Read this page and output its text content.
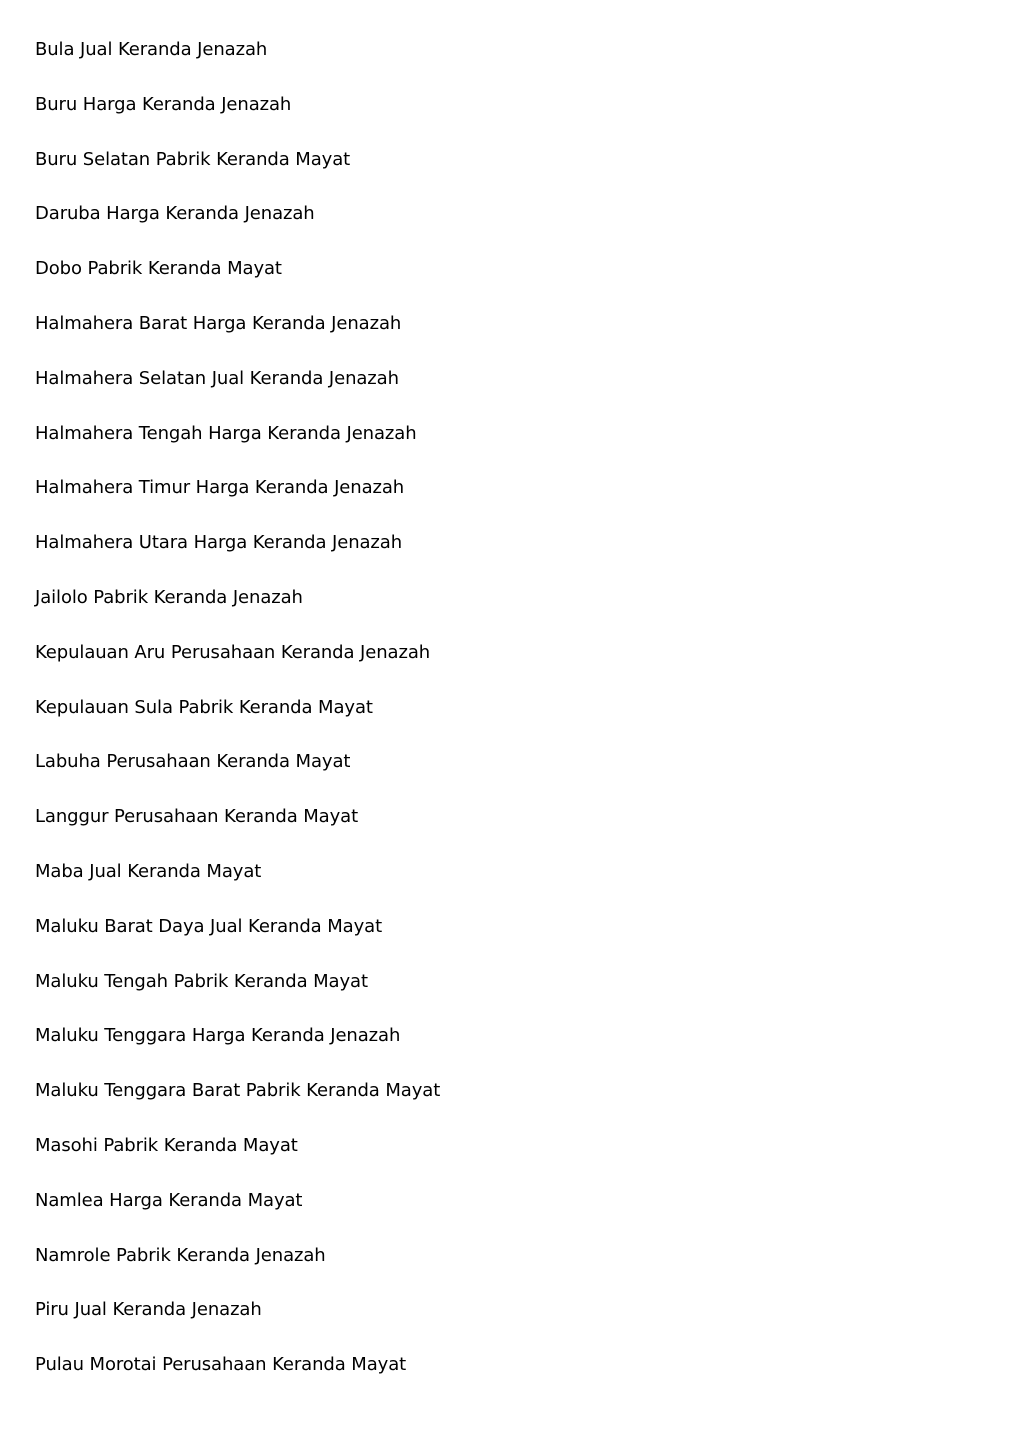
Bula Jual Keranda Jenazah
Buru Harga Keranda Jenazah
Buru Selatan Pabrik Keranda Mayat
Daruba Harga Keranda Jenazah
Dobo Pabrik Keranda Mayat
Halmahera Barat Harga Keranda Jenazah
Halmahera Selatan Jual Keranda Jenazah
Halmahera Tengah Harga Keranda Jenazah
Halmahera Timur Harga Keranda Jenazah
Halmahera Utara Harga Keranda Jenazah
Jailolo Pabrik Keranda Jenazah
Kepulauan Aru Perusahaan Keranda Jenazah
Kepulauan Sula Pabrik Keranda Mayat
Labuha Perusahaan Keranda Mayat
Langgur Perusahaan Keranda Mayat
Maba Jual Keranda Mayat
Maluku Barat Daya Jual Keranda Mayat
Maluku Tengah Pabrik Keranda Mayat
Maluku Tenggara Harga Keranda Jenazah
Maluku Tenggara Barat Pabrik Keranda Mayat
Masohi Pabrik Keranda Mayat
Namlea Harga Keranda Mayat
Namrole Pabrik Keranda Jenazah
Piru Jual Keranda Jenazah
Pulau Morotai Perusahaan Keranda Mayat
